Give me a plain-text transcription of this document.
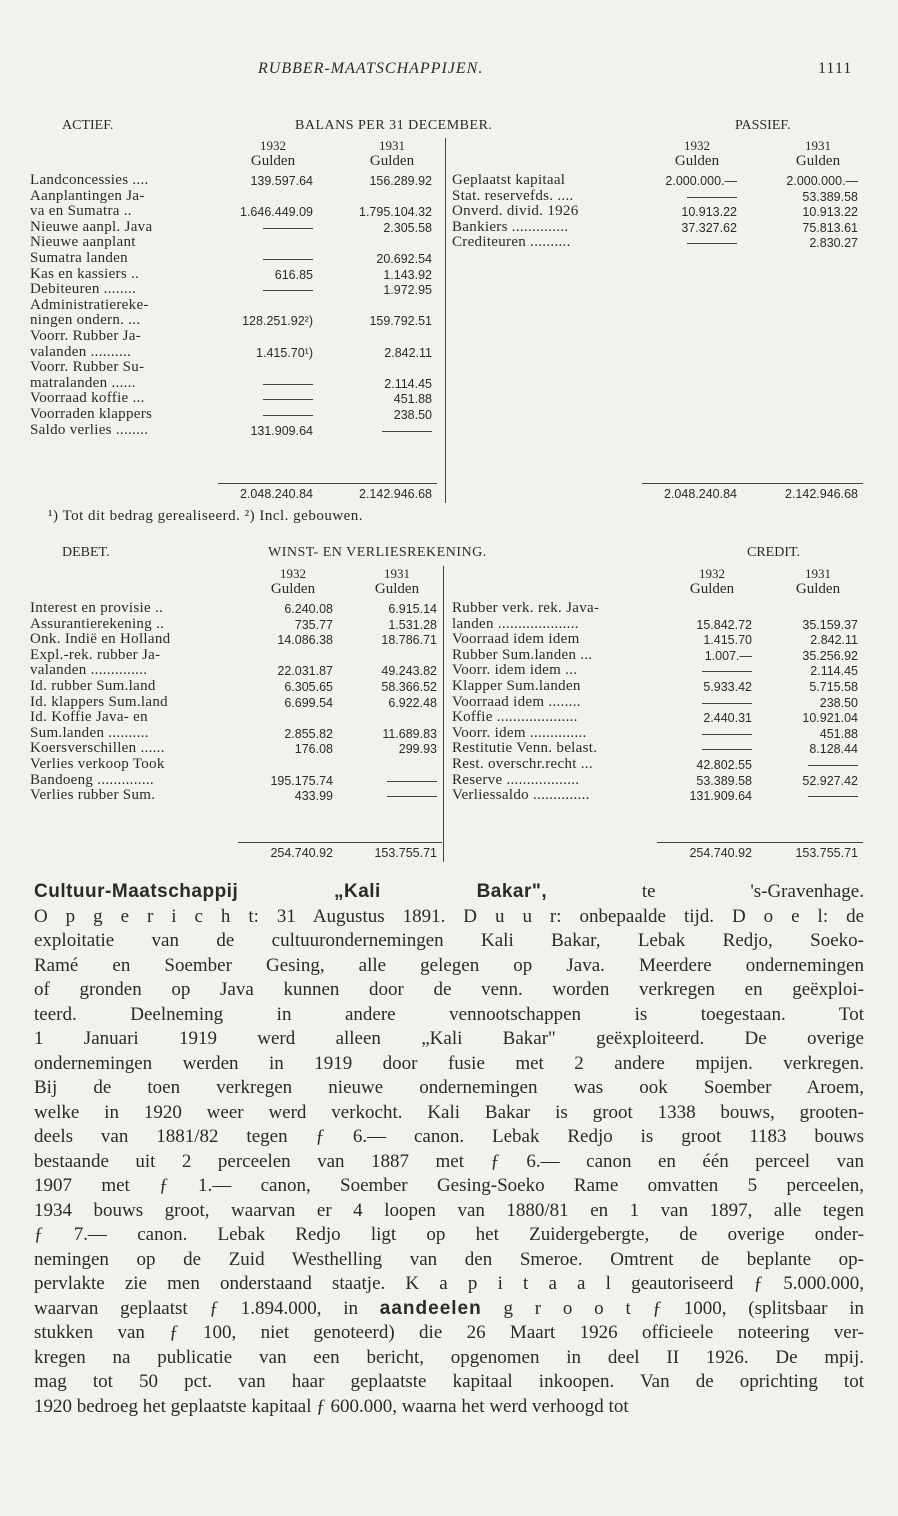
RUBBER-MAATSCHAPPIJEN.	1111
ACTIEF.	BALANS PER 31 DECEMBER.	PASSIEF.
1932
Gulden
1931
Gulden
1932
Gulden
1931
Gulden
Landconcessies ....	139.597.64	156.289.92
Aanplantingen Ja-
va en Sumatra ..	1.646.449.09	1.795.104.32
Nieuwe aanpl. Java	————	2.305.58
Nieuwe aanplant
Sumatra landen	————	20.692.54
Kas en kassiers ..	616.85	1.143.92
Debiteuren ........	————	1.972.95
Administratiereke-
ningen ondern. ...	128.251.92²)	159.792.51
Voorr. Rubber Ja-
valanden ..........	1.415.70¹)	2.842.11
Voorr. Rubber Su-
matralanden ......	————	2.114.45
Voorraad koffie ...	————	451.88
Voorraden klappers	————	238.50
Saldo verlies ........	131.909.64	————
Geplaatst kapitaal	2.000.000.—	2.000.000.—
Stat. reservefds. ....	————	53.389.58
Onverd. divid. 1926	10.913.22	10.913.22
Bankiers ..............	37.327.62	75.813.61
Crediteuren ..........	————	2.830.27
2.048.240.84	2.142.946.68	2.048.240.84	2.142.946.68
¹) Tot dit bedrag gerealiseerd. ²) Incl. gebouwen.
DEBET.	WINST- EN VERLIESREKENING.	CREDIT.
1932
Gulden
1931
Gulden
1932
Gulden
1931
Gulden
Interest en provisie ..	6.240.08	6.915.14
Assurantierekening ..	735.77	1.531.28
Onk. Indië en Holland	14.086.38	18.786.71
Expl.-rek. rubber Ja-
valanden ..............	22.031.87	49.243.82
Id. rubber Sum.land	6.305.65	58.366.52
Id. klappers Sum.land	6.699.54	6.922.48
Id. Koffie Java- en
Sum.landen ..........	2.855.82	11.689.83
Koersverschillen ......	176.08	299.93
Verlies verkoop Took
Bandoeng ..............	195.175.74	————
Verlies rubber Sum.	433.99	————
Rubber verk. rek. Java-
landen ....................	15.842.72	35.159.37
Voorraad idem idem	1.415.70	2.842.11
Rubber Sum.landen ...	1.007.—	35.256.92
Voorr. idem idem ...	————	2.114.45
Klapper Sum.landen	5.933.42	5.715.58
Voorraad idem ........	————	238.50
Koffie ....................	2.440.31	10.921.04
Voorr. idem ..............	————	451.88
Restitutie Venn. belast.	————	8.128.44
Rest. overschr.recht ...	42.802.55	————
Reserve ..................	53.389.58	52.927.42
Verliessaldo ..............	131.909.64	————
254.740.92	153.755.71	254.740.92	153.755.71
Cultuur-Maatschappij „Kali Bakar", te 's-Gravenhage.
O p g e r i c h t: 31 Augustus 1891. D u u r: onbepaalde tijd. D o e l: de
exploitatie van de cultuurondernemingen Kali Bakar, Lebak Redjo, Soeko-
Ramé en Soember Gesing, alle gelegen op Java. Meerdere ondernemingen
of gronden op Java kunnen door de venn. worden verkregen en geëxploi-
teerd. Deelneming in andere vennootschappen is toegestaan. Tot
1 Januari 1919 werd alleen „Kali Bakar" geëxploiteerd. De overige
ondernemingen werden in 1919 door fusie met 2 andere mpijen. verkregen.
Bij de toen verkregen nieuwe ondernemingen was ook Soember Aroem,
welke in 1920 weer werd verkocht. Kali Bakar is groot 1338 bouws, grooten-
deels van 1881/82 tegen ƒ 6.— canon. Lebak Redjo is groot 1183 bouws
bestaande uit 2 perceelen van 1887 met ƒ 6.— canon en één perceel van
1907 met ƒ 1.— canon, Soember Gesing-Soeko Rame omvatten 5 perceelen,
1934 bouws groot, waarvan er 4 loopen van 1880/81 en 1 van 1897, alle tegen
ƒ 7.— canon. Lebak Redjo ligt op het Zuidergebergte, de overige onder-
nemingen op de Zuid Westhelling van den Smeroe. Omtrent de beplante op-
pervlakte zie men onderstaand staatje. K a p i t a a l geautoriseerd ƒ 5.000.000,
waarvan geplaatst ƒ 1.894.000, in aandeelen g r o o t ƒ 1000, (splitsbaar in
stukken van ƒ 100, niet genoteerd) die 26 Maart 1926 officieele noteering ver-
kregen na publicatie van een bericht, opgenomen in deel II 1926. De mpij.
mag tot 50 pct. van haar geplaatste kapitaal inkoopen. Van de oprichting tot
1920 bedroeg het geplaatste kapitaal ƒ 600.000, waarna het werd verhoogd tot
